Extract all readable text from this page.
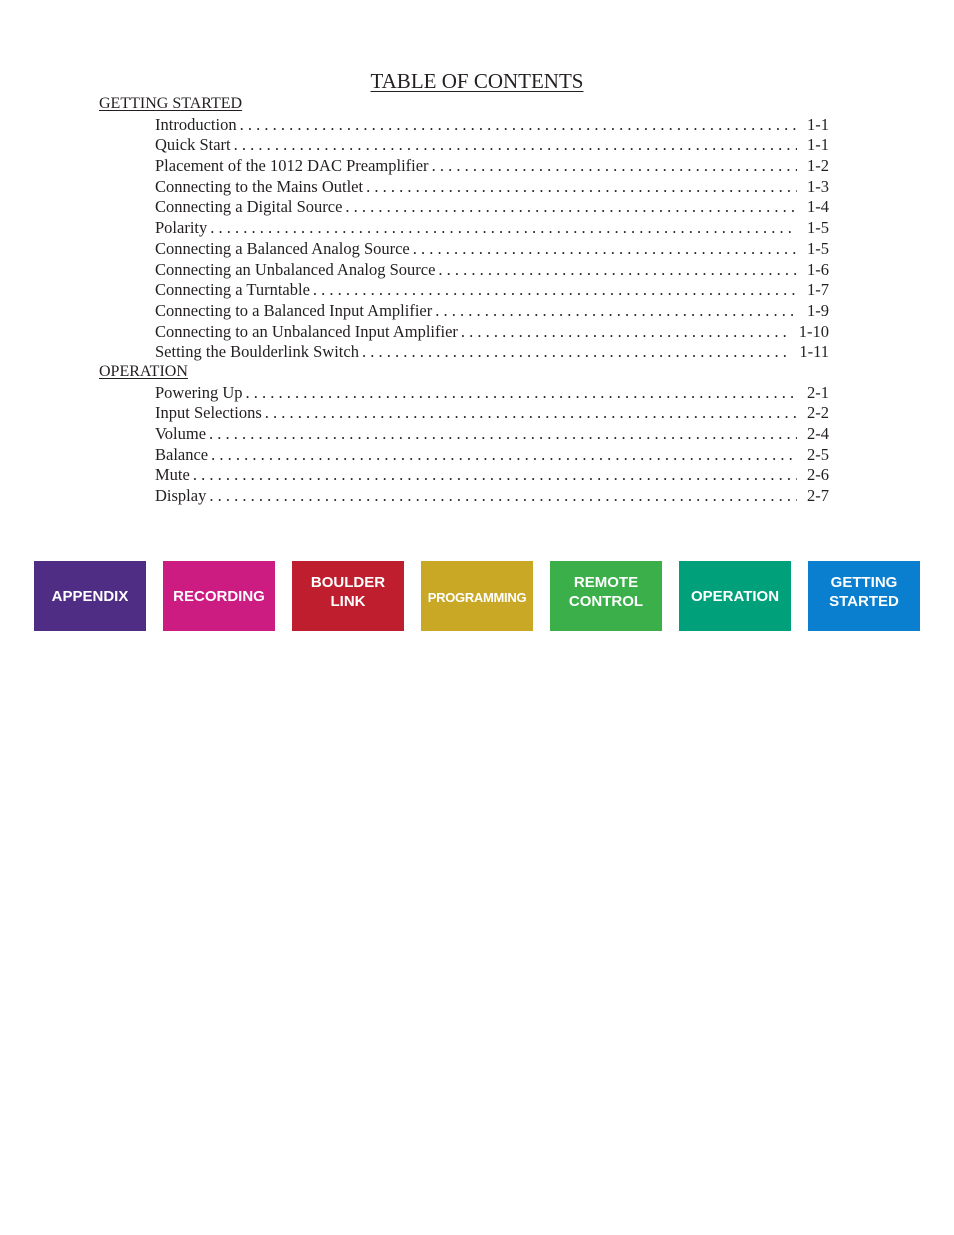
TABLE OF CONTENTS
GETTING STARTED
Introduction . . .	1-1
Quick Start . . .	1-1
Placement of the 1012 DAC Preamplifier . . .	1-2
Connecting to the Mains Outlet . . .	1-3
Connecting a Digital Source . . .	1-4
Polarity . . .	1-5
Connecting a Balanced Analog Source . . .	1-5
Connecting an Unbalanced Analog Source . . .	1-6
Connecting a Turntable . . .	1-7
Connecting to a Balanced Input Amplifier . . .	1-9
Connecting to an Unbalanced Input Amplifier . . .	1-10
Setting the Boulderlink Switch . . .	1-11
OPERATION
Powering Up . . .	2-1
Input Selections . . .	2-2
Volume . . .	2-4
Balance . . .	2-5
Mute . . .	2-6
Display . . .	2-7
APPENDIX	RECORDING
BOULDER
LINK	PROGRAMMING
REMOTE
CONTROL	OPERATION
GETTING
STARTED
